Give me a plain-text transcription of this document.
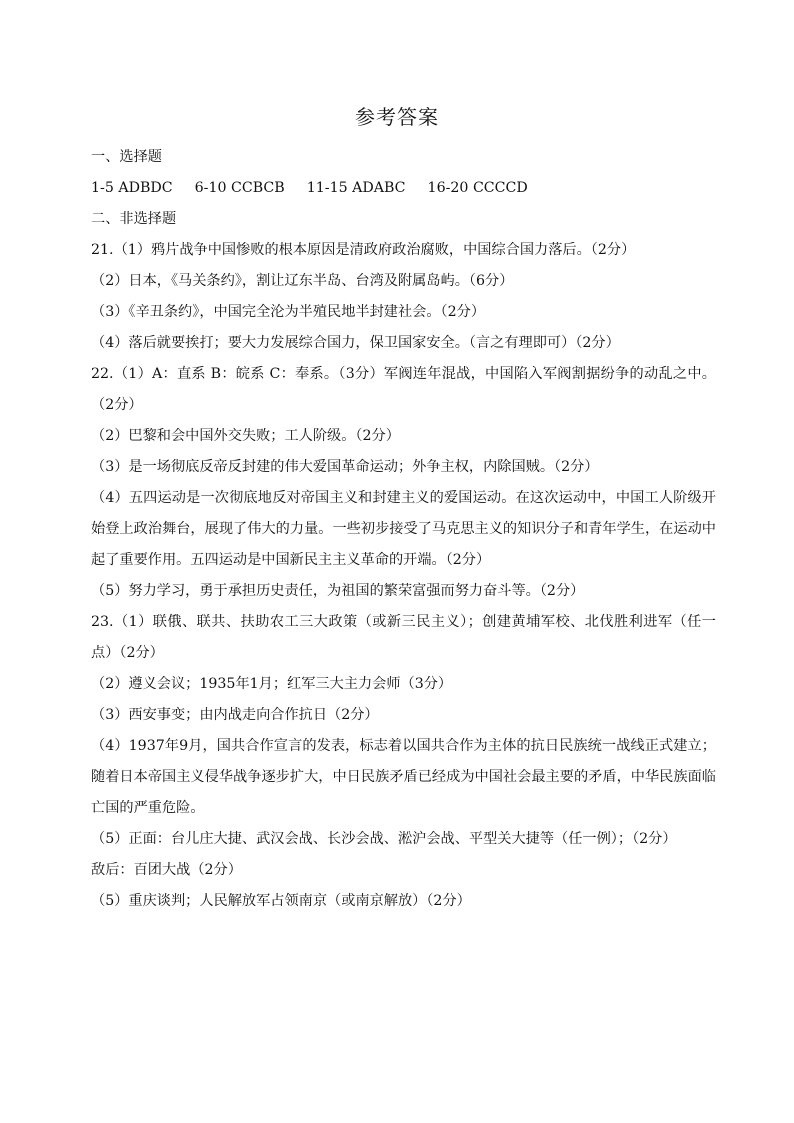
参考答案
一、选择题
1-5 ADBDC 6-10 CCBCB 11-15 ADABC 16-20 CCCCD
二、非选择题
21.（1）鸦片战争中国惨败的根本原因是清政府政治腐败，中国综合国力落后。（2分）
（2）日本，《马关条约》，割让辽东半岛、台湾及附属岛屿。（6分）
（3）《辛丑条约》，中国完全沦为半殖民地半封建社会。（2分）
（4）落后就要挨打；要大力发展综合国力，保卫国家安全。（言之有理即可）（2分）
22.（1）A：直系 B：皖系 C：奉系。（3分）军阀连年混战，中国陷入军阀割据纷争的动乱之中。（2分）
（2）巴黎和会中国外交失败；工人阶级。（2分）
（3）是一场彻底反帝反封建的伟大爱国革命运动；外争主权，内除国贼。（2分）
（4）五四运动是一次彻底地反对帝国主义和封建主义的爱国运动。在这次运动中，中国工人阶级开始登上政治舞台，展现了伟大的力量。一些初步接受了马克思主义的知识分子和青年学生，在运动中起了重要作用。五四运动是中国新民主主义革命的开端。（2分）
（5）努力学习，勇于承担历史责任，为祖国的繁荣富强而努力奋斗等。（2分）
23.（1）联俄、联共、扶助农工三大政策（或新三民主义）；创建黄埔军校、北伐胜利进军（任一点）（2分）
（2）遵义会议；1935年1月；红军三大主力会师（3分）
（3）西安事变；由内战走向合作抗日（2分）
（4）1937年9月，国共合作宣言的发表，标志着以国共合作为主体的抗日民族统一战线正式建立；随着日本帝国主义侵华战争逐步扩大，中日民族矛盾已经成为中国社会最主要的矛盾，中华民族面临亡国的严重危险。
（5）正面：台儿庄大捷、武汉会战、长沙会战、淞沪会战、平型关大捷等（任一例）；（2分）
敌后：百团大战（2分）
（5）重庆谈判；人民解放军占领南京（或南京解放）（2分）
